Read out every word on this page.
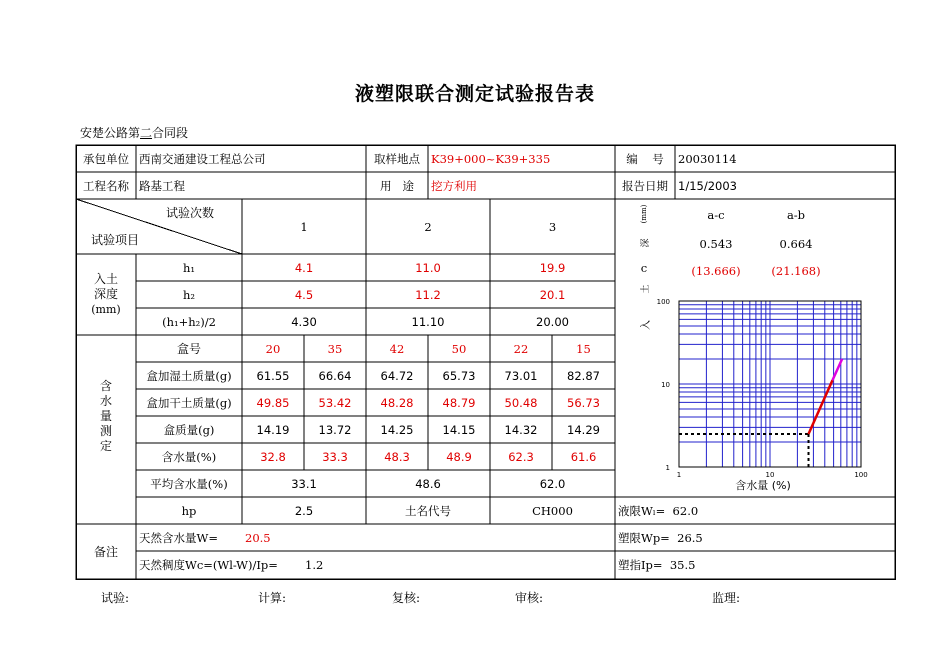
液塑限联合测定试验报告表
安楚公路第二合同段
承包单位 西南交通建设工程总公司	取样地点 K39+000~K39+335	编    号	20030114
工程名称 路基工程	用   途	挖方利用	报告日期 1/15/2003
试验次数
试验项目
1	2	3
入土
深度
(mm)
h₁	4.1	11.0	19.9
h₂	4.5	11.2	20.1
(h₁+h₂)/2	4.30	11.10	20.00
含
水
量
测
定
盒号	20	35	42	50	22	15
盒加湿土质量(g)	61.55	66.64	64.72	65.73	73.01	82.87
盒加干土质量(g)	49.85	53.42	48.28	48.79	50.48	56.73
盒质量(g)	14.19	13.72	14.25	14.15	14.32	14.29
含水量(%)	32.8	33.3	48.3	48.9	62.3	61.6
平均含水量(%)	33.1	48.6	62.0
hp	2.5	土名代号	CH000	液限Wₗ=  62.0
塑限Wp=  26.5
塑指Ip=  35.5
备注
天然含水量W=	20.5
天然稠度Wc=(Wl-W)/Ip=	1.2
a-c	a-b
0.543	0.664
c	(13.666)	(21.168)
(mm)
深
土
入
1	10	100
1
10
100
含水量 (%)
试验:	计算:	复核:	审核:	监理:
